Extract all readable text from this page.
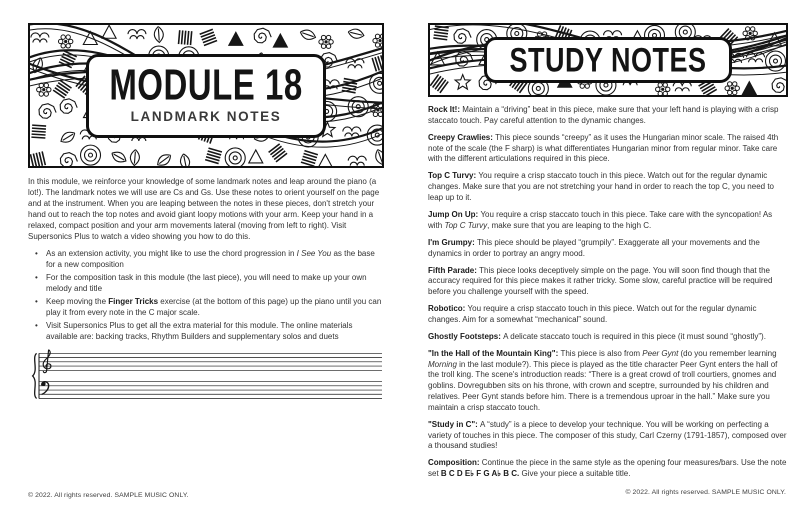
MODULE 18
LANDMARK NOTES

In this module, we reinforce your knowledge of some landmark notes and leap around the piano (a lot!). The landmark notes we will use are Cs and Gs. Use these notes to orient yourself on the page and at the instrument. When you are leaping between the notes in these pieces, don't stretch your hand out to reach the top notes and avoid giant loopy motions with your arm. Keep your hand in a relaxed, compact position and your arm movements lateral (moving from left to right). Visit Supersonics Plus to watch a video showing you how to do this.

• As an extension activity, you might like to use the chord progression in I See You as the base for a new composition
• For the composition task in this module (the last piece), you will need to make up your own melody and title
• Keep moving the Finger Tricks exercise (at the bottom of this page) up the piano until you can play it from every note in the C major scale.
• Visit Supersonics Plus to get all the extra material for this module. The online materials available are: backing tracks, Rhythm Builders and supplementary solos and duets
STUDY NOTES

Rock It!: Maintain a “driving” beat in this piece, make sure that your left hand is playing with a crisp staccato touch. Pay careful attention to the dynamic changes.

Creepy Crawlies: This piece sounds “creepy” as it uses the Hungarian minor scale. The raised 4th note of the scale (the F sharp) is what differentiates Hungarian minor from regular minor. Take care with the different articulations required in this piece.

Top C Turvy: You require a crisp staccato touch in this piece. Watch out for the regular dynamic changes. Make sure that you are not stretching your hand in order to reach the top C, you need to leap up to it.

Jump On Up: You require a crisp staccato touch in this piece. Take care with the syncopation! As with Top C Turvy, make sure that you are leaping to the high C.

I'm Grumpy: This piece should be played “grumpily”. Exaggerate all your movements and the dynamics in order to portray an angry mood.

Fifth Parade: This piece looks deceptively simple on the page. You will soon find though that the accuracy required for this piece makes it rather tricky. Some slow, careful practice will be required before you challenge yourself with the speed.

Robotico: You require a crisp staccato touch in this piece. Watch out for the regular dynamic changes. Aim for a somewhat “mechanical” sound.

Ghostly Footsteps: A delicate staccato touch is required in this piece (it must sound “ghostly”).

"In the Hall of the Mountain King": This piece is also from Peer Gynt (do you remember learning Morning in the last module?). This piece is played as the title character Peer Gynt enters the hall of the troll king. The scene's introduction reads: “There is a great crowd of troll courtiers, gnomes and goblins. Dovregubben sits on his throne, with crown and sceptre, surrounded by his children and relatives. Peer Gynt stands before him. There is a tremendous uproar in the hall.” Make sure you maintain a crisp staccato touch.

"Study in C": A “study” is a piece to develop your technique. You will be working on perfecting a variety of touches in this piece. The composer of this study, Carl Czerny (1791-1857), composed over a thousand studies!

Composition: Continue the piece in the same style as the opening four measures/bars. Use the note set B C D E♭ F G A♭ B C. Give your piece a suitable title.

© 2022. All rights reserved. SAMPLE MUSIC ONLY.	© 2022. All rights reserved. SAMPLE MUSIC ONLY.
